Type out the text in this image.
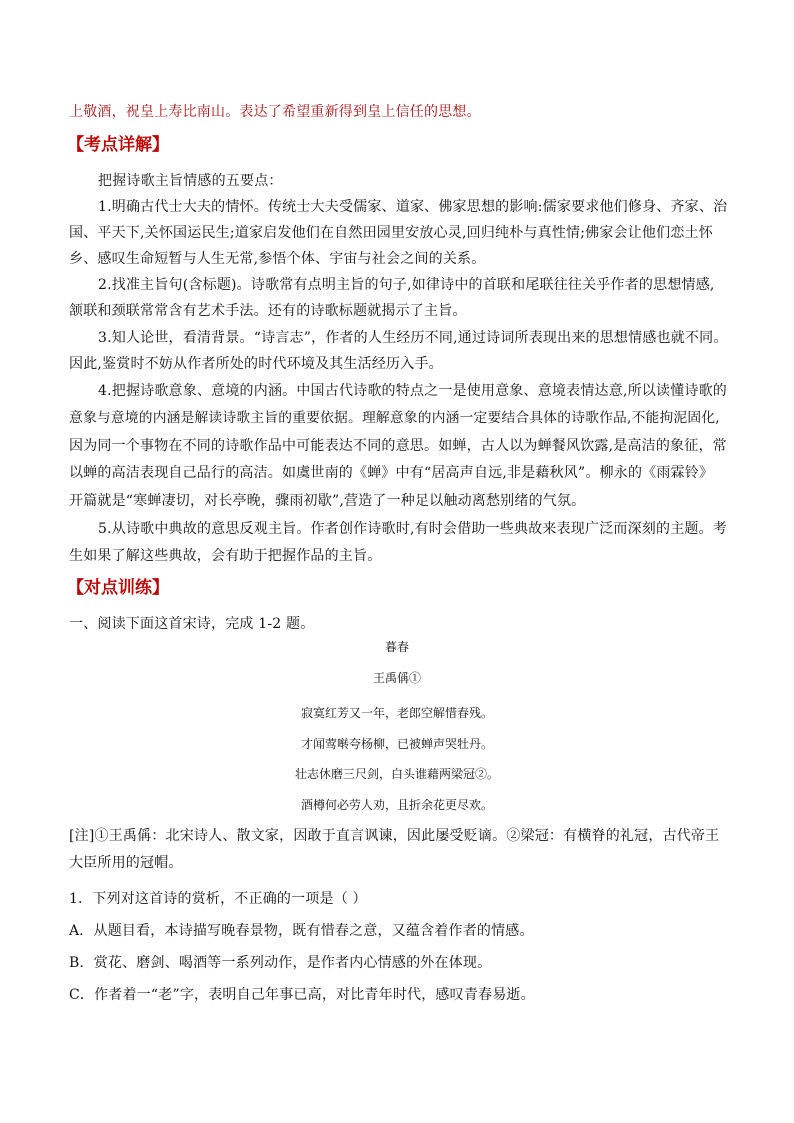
上敬酒，祝皇上寿比南山。表达了希望重新得到皇上信任的思想。
【考点详解】
把握诗歌主旨情感的五要点：
1.明确古代士大夫的情怀。传统士大夫受儒家、道家、佛家思想的影响:儒家要求他们修身、齐家、治
国、平天下,关怀国运民生;道家启发他们在自然田园里安放心灵,回归纯朴与真性情;佛家会让他们恋土怀
乡、感叹生命短暂与人生无常,参悟个体、宇宙与社会之间的关系。
2.找准主旨句(含标题)。诗歌常有点明主旨的句子,如律诗中的首联和尾联往往关乎作者的思想情感,
颔联和颈联常常含有艺术手法。还有的诗歌标题就揭示了主旨。
3.知人论世，看清背景。“诗言志”，作者的人生经历不同,通过诗词所表现出来的思想情感也就不同。
因此,鉴赏时不妨从作者所处的时代环境及其生活经历入手。
4.把握诗歌意象、意境的内涵。中国古代诗歌的特点之一是使用意象、意境表情达意,所以读懂诗歌的
意象与意境的内涵是解读诗歌主旨的重要依据。理解意象的内涵一定要结合具体的诗歌作品,不能拘泥固化,
因为同一个事物在不同的诗歌作品中可能表达不同的意思。如蝉，古人以为蝉餐风饮露,是高洁的象征，常
以蝉的高洁表现自己品行的高洁。如虞世南的《蝉》中有“居高声自远,非是藉秋风”。柳永的《雨霖铃》
开篇就是“寒蝉凄切，对长亭晚，骤雨初歇”,营造了一种足以触动离愁别绪的气氛。
5.从诗歌中典故的意思反观主旨。作者创作诗歌时,有时会借助一些典故来表现广泛而深刻的主题。考
生如果了解这些典故，会有助于把握作品的主旨。
【对点训练】
一、阅读下面这首宋诗，完成 1-2 题。
暮春
王禹偁①
寂寞红芳又一年，老郎空解惜春残。
才闻莺啭夸杨柳，已被蝉声哭牡丹。
壮志休磨三尺剑，白头谁藉两梁冠②。
酒樽何必劳人劝，且折余花更尽欢。
[注]①王禹偁：北宋诗人、散文家，因敢于直言讽谏，因此屡受贬谪。②梁冠：有横脊的礼冠，古代帝王
大臣所用的冠帽。
1．下列对这首诗的赏析，不正确的一项是（ ）
A．从题目看，本诗描写晚春景物，既有惜春之意，又蕴含着作者的情感。
B．赏花、磨剑、喝酒等一系列动作，是作者内心情感的外在体现。
C．作者着一“老”字，表明自己年事已高，对比青年时代，感叹青春易逝。
